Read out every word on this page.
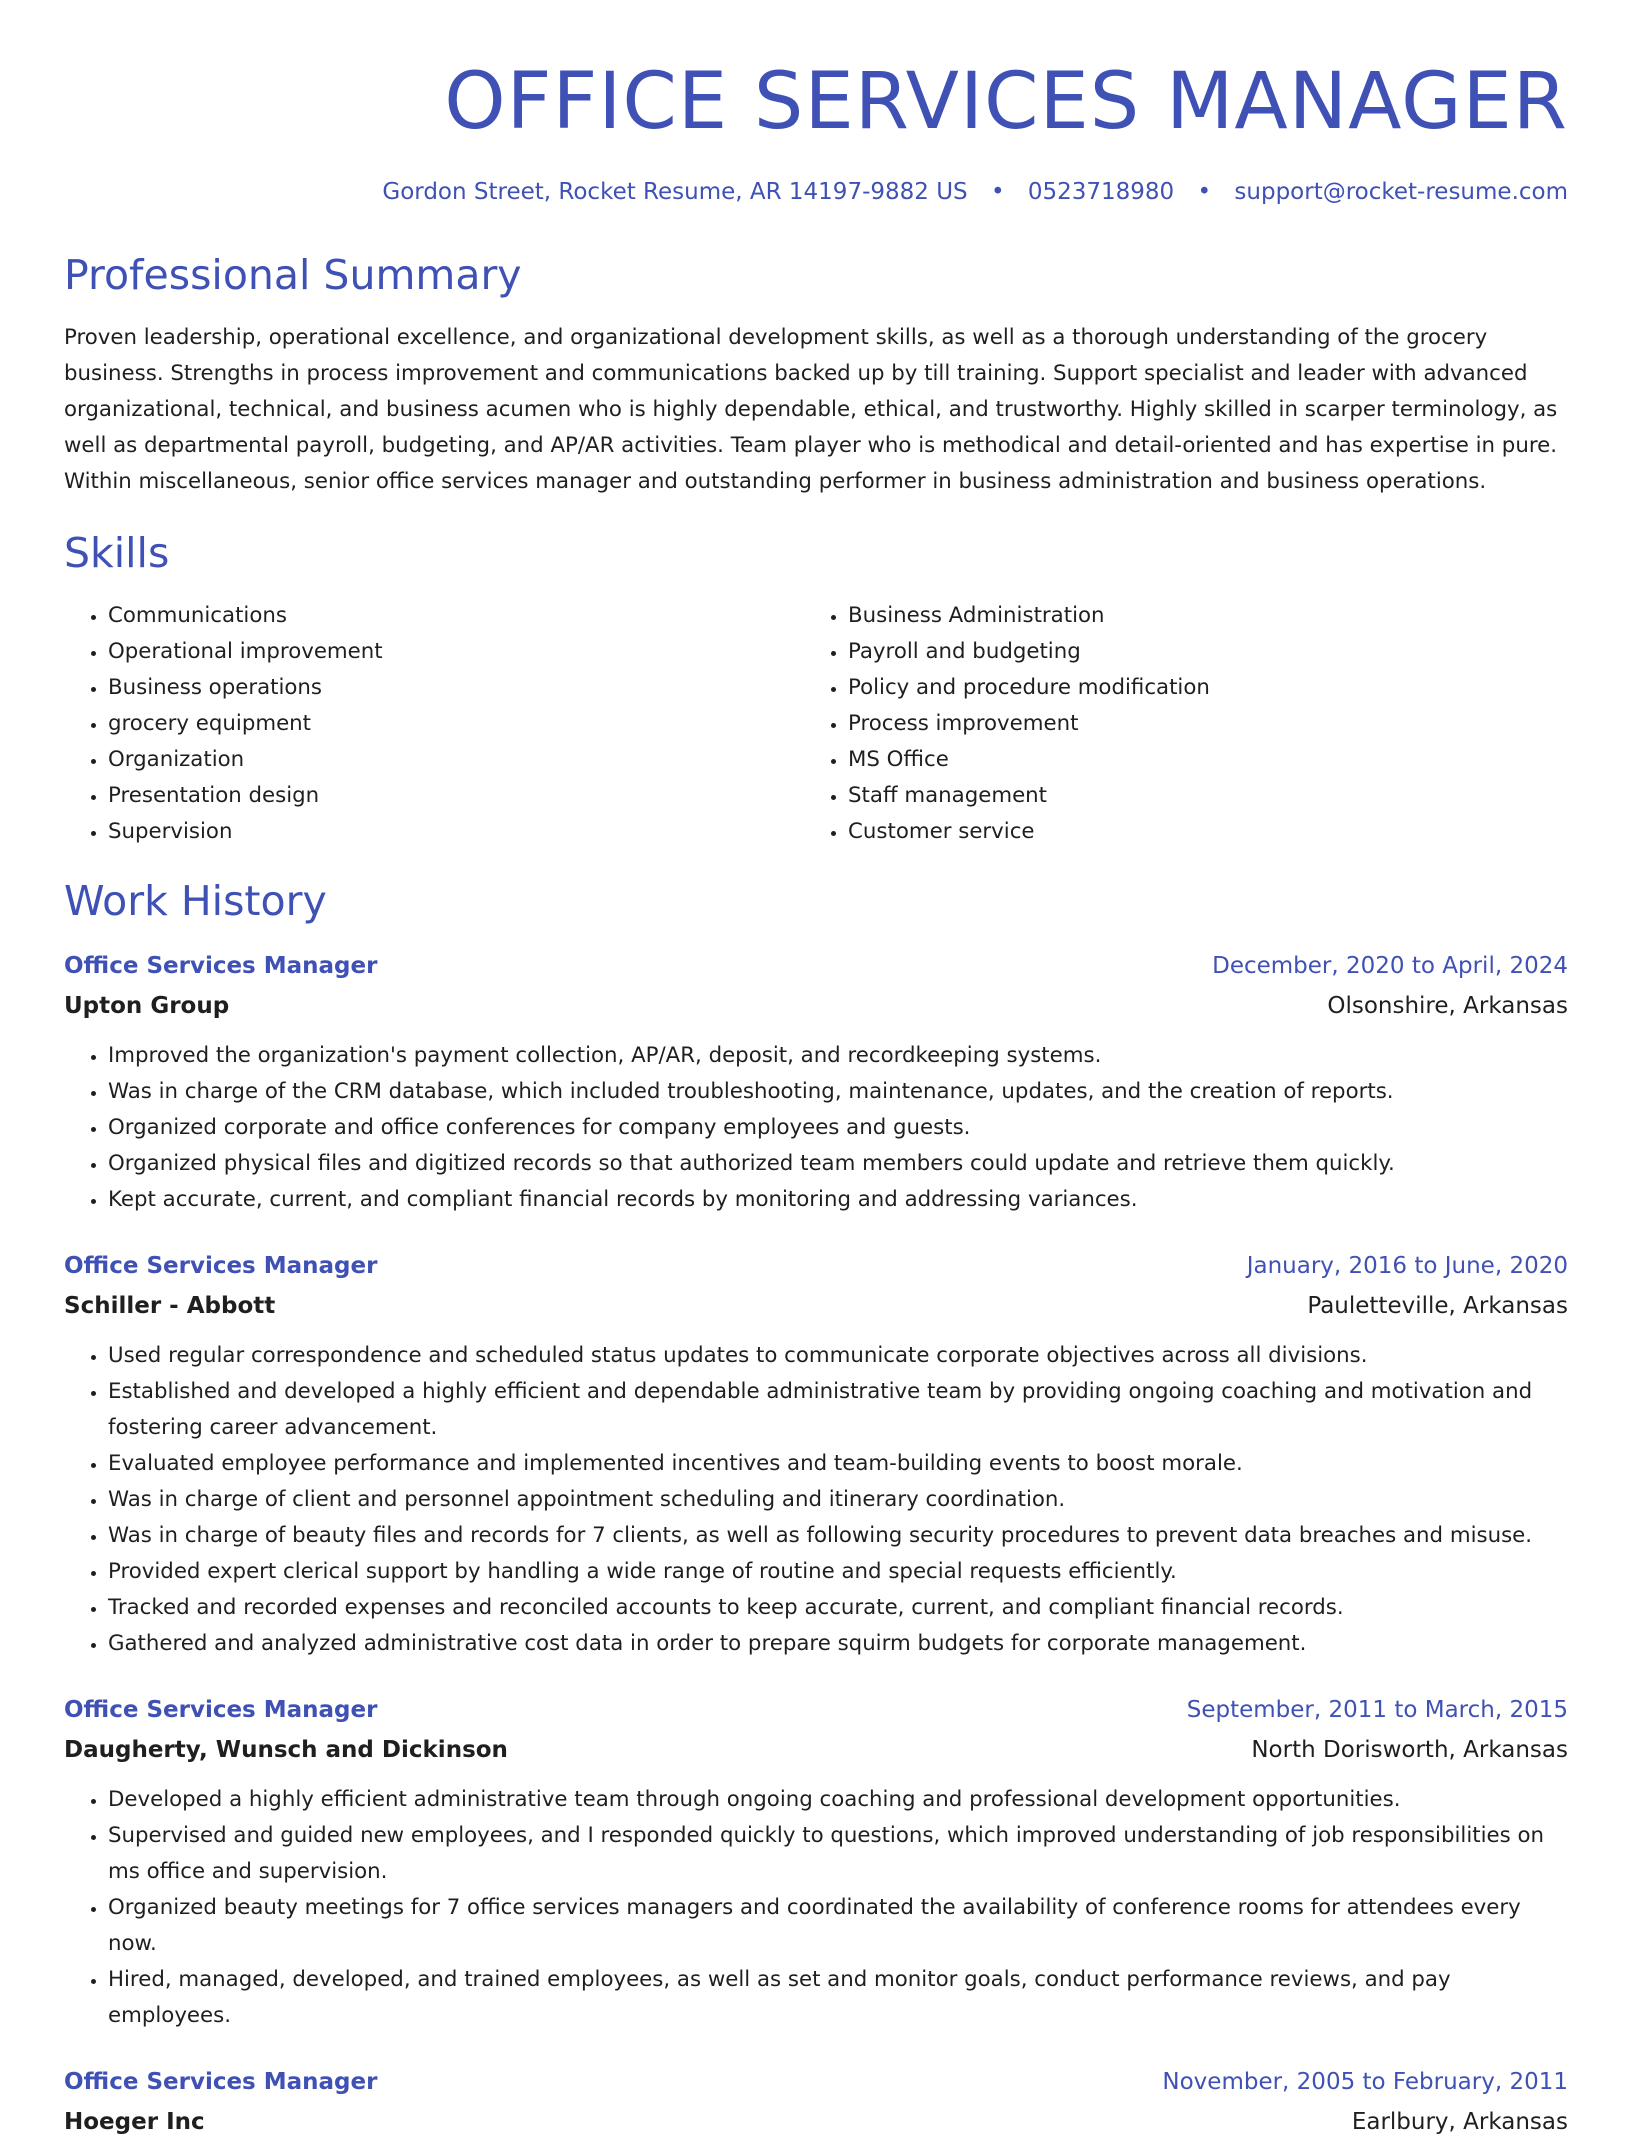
OFFICE SERVICES MANAGER
Gordon Street, Rocket Resume, AR 14197-9882 US • 0523718980 • support@rocket-resume.com
Professional Summary

Proven leadership, operational excellence, and organizational development skills, as well as a thorough understanding of the grocery business. Strengths in process improvement and communications backed up by till training. Support specialist and leader with advanced organizational, technical, and business acumen who is highly dependable, ethical, and trustworthy. Highly skilled in scarper terminology, as well as departmental payroll, budgeting, and AP/AR activities. Team player who is methodical and detail-oriented and has expertise in pure. Within miscellaneous, senior office services manager and outstanding performer in business administration and business operations.

Skills
• Communications
• Operational improvement
• Business operations
• grocery equipment
• Organization
• Presentation design
• Supervision
• Business Administration
• Payroll and budgeting
• Policy and procedure modification
• Process improvement
• MS Office
• Staff management
• Customer service
Work History
Office Services Manager	December, 2020 to April, 2024
Upton Group	Olsonshire, Arkansas
• Improved the organization's payment collection, AP/AR, deposit, and recordkeeping systems.
• Was in charge of the CRM database, which included troubleshooting, maintenance, updates, and the creation of reports.
• Organized corporate and office conferences for company employees and guests.
• Organized physical files and digitized records so that authorized team members could update and retrieve them quickly.
• Kept accurate, current, and compliant financial records by monitoring and addressing variances.
Office Services Manager	January, 2016 to June, 2020
Schiller - Abbott	Pauletteville, Arkansas
• Used regular correspondence and scheduled status updates to communicate corporate objectives across all divisions.
• Established and developed a highly efficient and dependable administrative team by providing ongoing coaching and motivation and fostering career advancement.
• Evaluated employee performance and implemented incentives and team-building events to boost morale.
• Was in charge of client and personnel appointment scheduling and itinerary coordination.
• Was in charge of beauty files and records for 7 clients, as well as following security procedures to prevent data breaches and misuse.
• Provided expert clerical support by handling a wide range of routine and special requests efficiently.
• Tracked and recorded expenses and reconciled accounts to keep accurate, current, and compliant financial records.
• Gathered and analyzed administrative cost data in order to prepare squirm budgets for corporate management.
Office Services Manager	September, 2011 to March, 2015
Daugherty, Wunsch and Dickinson	North Dorisworth, Arkansas
• Developed a highly efficient administrative team through ongoing coaching and professional development opportunities.
• Supervised and guided new employees, and I responded quickly to questions, which improved understanding of job responsibilities on ms office and supervision.
• Organized beauty meetings for 7 office services managers and coordinated the availability of conference rooms for attendees every now.
• Hired, managed, developed, and trained employees, as well as set and monitor goals, conduct performance reviews, and pay employees.
Office Services Manager	November, 2005 to February, 2011
Hoeger Inc	Earlbury, Arkansas
